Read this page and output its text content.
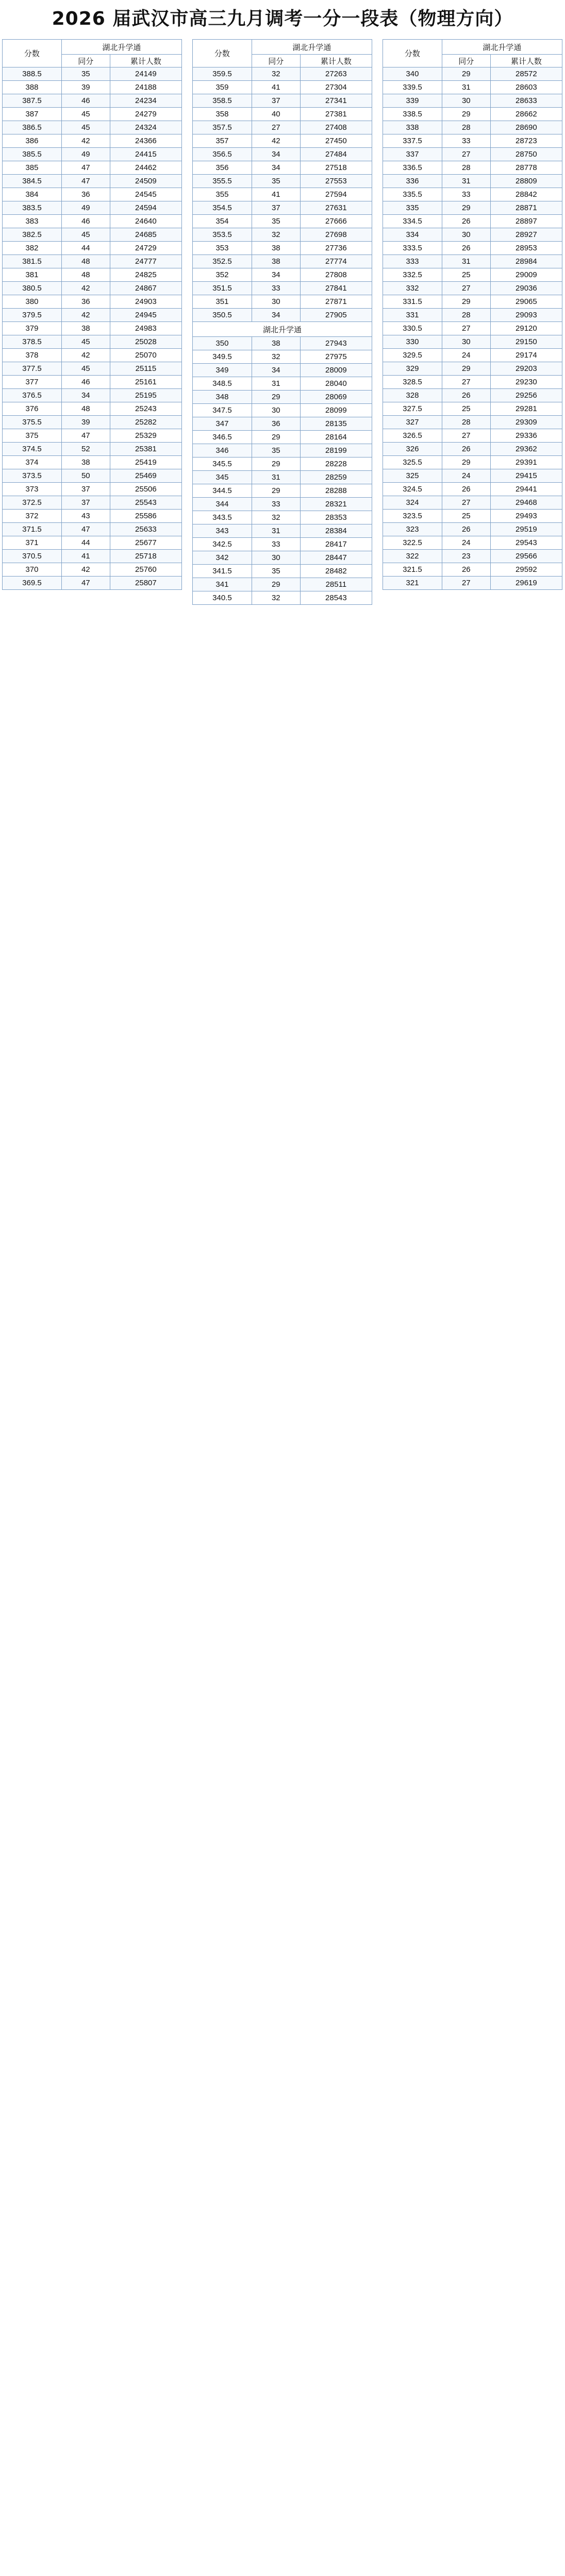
2026 届武汉市高三九月调考一分一段表（物理方向）
分数	湖北升学通	
	同分	累计人数
388.5	35	24149
388	39	24188
387.5	46	24234
387	45	24279
386.5	45	24324
386	42	24366
385.5	49	24415
385	47	24462
384.5	47	24509
384	36	24545
383.5	49	24594
383	46	24640
382.5	45	24685
382	44	24729
381.5	48	24777
381	48	24825
380.5	42	24867
380	36	24903
379.5	42	24945
379	38	24983
378.5	45	25028
378	42	25070
377.5	45	25115
377	46	25161
376.5	34	25195
376	48	25243
375.5	39	25282
375	47	25329
374.5	52	25381
374	38	25419
373.5	50	25469
373	37	25506
372.5	37	25543
372	43	25586
371.5	47	25633
371	44	25677
370.5	41	25718
370	42	25760
369.5	47	25807
分数	湖北升学通	
	同分	累计人数
359.5	32	27263
359	41	27304
358.5	37	27341
358	40	27381
357.5	27	27408
357	42	27450
356.5	34	27484
356	34	27518
355.5	35	27553
355	41	27594
354.5	37	27631
354	35	27666
353.5	32	27698
353	38	27736
352.5	38	27774
352	34	27808
351.5	33	27841
351	30	27871
350.5	34	27905
湖北升学通		
350	38	27943
349.5	32	27975
349	34	28009
348.5	31	28040
348	29	28069
347.5	30	28099
347	36	28135
346.5	29	28164
346	35	28199
345.5	29	28228
345	31	28259
344.5	29	28288
344	33	28321
343.5	32	28353
343	31	28384
342.5	33	28417
342	30	28447
341.5	35	28482
341	29	28511
340.5	32	28543
分数	湖北升学通	
	同分	累计人数
340	29	28572
339.5	31	28603
339	30	28633
338.5	29	28662
338	28	28690
337.5	33	28723
337	27	28750
336.5	28	28778
336	31	28809
335.5	33	28842
335	29	28871
334.5	26	28897
334	30	28927
333.5	26	28953
333	31	28984
332.5	25	29009
332	27	29036
331.5	29	29065
331	28	29093
330.5	27	29120
330	30	29150
329.5	24	29174
329	29	29203
328.5	27	29230
328	26	29256
327.5	25	29281
327	28	29309
326.5	27	29336
326	26	29362
325.5	29	29391
325	24	29415
324.5	26	29441
324	27	29468
323.5	25	29493
323	26	29519
322.5	24	29543
322	23	29566
321.5	26	29592
321	27	29619
